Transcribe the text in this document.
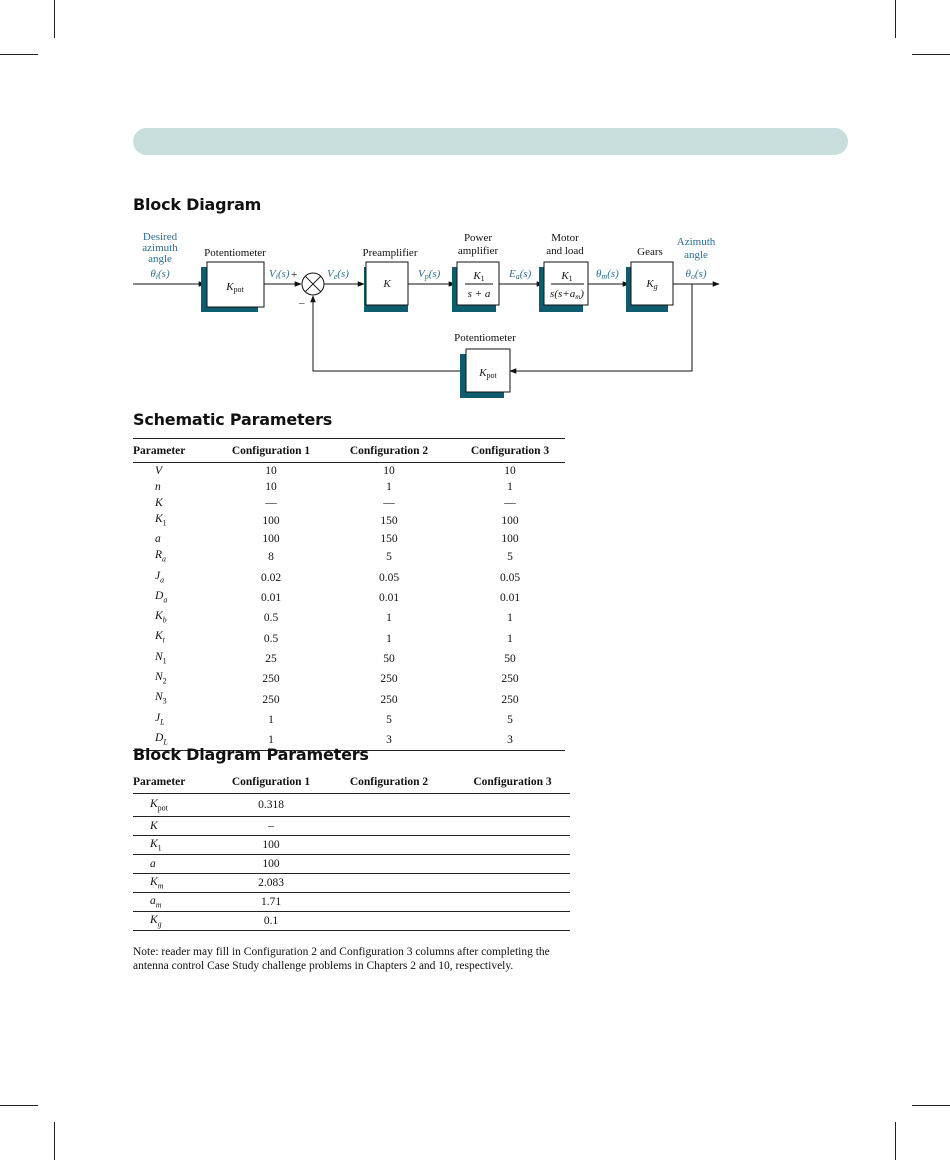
Block Diagram
+
–
Kpot	K
K1
s + a
K1
s(s+am)
Kg
Kpot
Potentiometer	Preamplifier
Power
amplifier
Motor
and load	Gears
Potentiometer
Desired
azimuth
angle
θi(s)
Azimuth
angle
θo(s)
Vi(s)	Ve(s)	Vp(s)	Ea(s)	θm(s)
Schematic Parameters
Parameter	Configuration 1	Configuration 2	Configuration 3
V	10	10	10
n	10	1	1
K	—	—	—
$K_1$	100	150	100
a	100	150	100
$R_a$	8	5	5
$J_a$	0.02	0.05	0.05
$D_a$	0.01	0.01	0.01
$K_b$	0.5	1	1
$K_t$	0.5	1	1
$N_1$	25	50	50
$N_2$	250	250	250
$N_3$	250	250	250
$J_L$	1	5	5
$D_L$	1	3	3
Block Diagram Parameters
Parameter	Configuration 1	Configuration 2	Configuration 3
$K_{pot}$	0.318		
K	–		
$K_1$	100		
a	100		
$K_m$	2.083		
$a_m$	1.71		
$K_g$	0.1		

Note: reader may fill in Configuration 2 and Configuration 3 columns after completing the antenna control Case Study challenge problems in Chapters 2 and 10, respectively.
